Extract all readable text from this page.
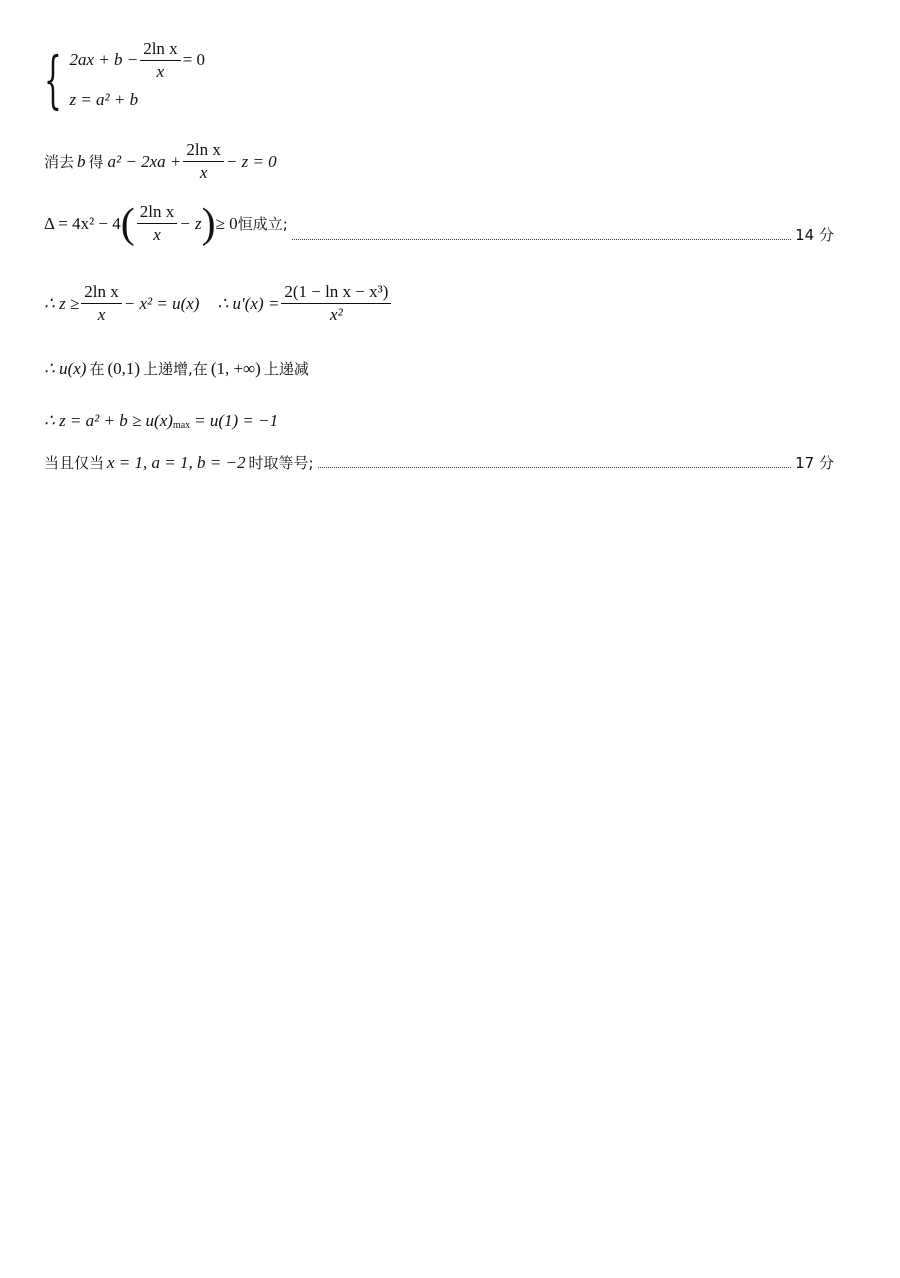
{ $2ax + b - \frac{\text{2ln x}}{x} = 0$
z = a² + b
消去 b 得 $a^2 - 2xa + \frac{\text{2ln x}}{x} - z = 0$
Δ = 4x² − 4 ( $\frac{\text{2ln x}}{x} - z$ ) ≥ 0 恒成立;
14 分
∴ $z \ge \frac{\text{2ln x}}{x} - x^2 = u(x)$ ∴ $u'(x) = \frac{\text{2(1 − ln x − x³)}}{\text{x²}}$
∴ u(x) 在 (0,1) 上递增,在 (1, +∞) 上递减
∴ $z = a^2 + b \ge u(x)_{max} = u(1) = -1$
当且仅当 x = 1, a = 1, b = −2 时取等号;	17 分
